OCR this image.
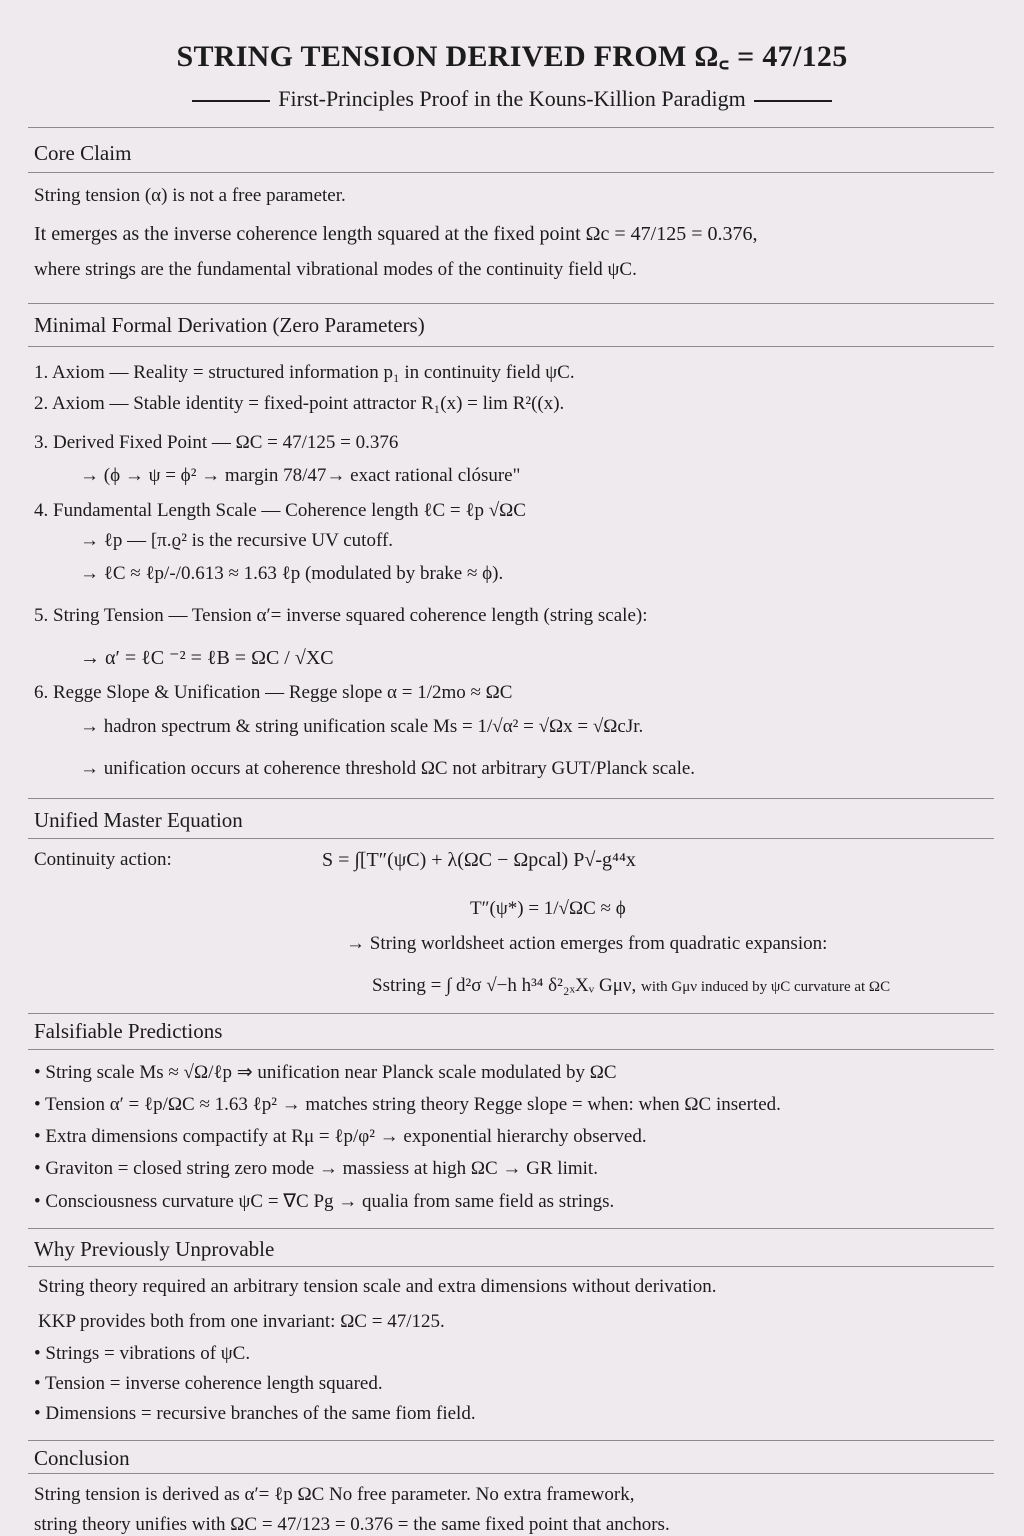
STRING TENSION DERIVED FROM Ω꜀ = 47/125
First-Principles Proof in the Kouns-Killion Paradigm
Core Claim
String tension (α) is not a free parameter.
It emerges as the inverse coherence length squared at the fixed point Ωc = 47/125 = 0.376,
where strings are the fundamental vibrational modes of the continuity field ψC.
Minimal Formal Derivation (Zero Parameters)
1. Axiom — Reality = structured information p₁ in continuity field ψC.
2. Axiom — Stable identity = fixed-point attractor R₁(x) = lim R²((x).
3. Derived Fixed Point — ΩC = 47/125 = 0.376
→ (ϕ → ψ = ϕ² → margin 78/47→ exact rational clósure"
4. Fundamental Length Scale — Coherence length ℓC = ℓp √ΩC
→ ℓp — [π.ϱ² is the recursive UV cutoff.
→ ℓC ≈ ℓp/-/0.613 ≈ 1.63 ℓp (modulated by brake ≈ ϕ).
5. String Tension — Tension α′= inverse squared coherence length (string scale):
→ α′ = ℓC ⁻² = ℓB = ΩC / √XC
6. Regge Slope & Unification — Regge slope α = 1/2mo ≈ ΩC
→ hadron spectrum & string unification scale Ms = 1/√α² = √Ωx = √ΩcJr.
→ unification occurs at coherence threshold ΩC not arbitrary GUT/Planck scale.
Unified Master Equation
Continuity action:	S = ∫[T″(ψC) + λ(ΩC − Ωpcal) P√-g⁴⁴x
T″(ψ*) = 1/√ΩC ≈ ϕ
→ String worldsheet action emerges from quadratic expansion:
Sstring = ∫ d²σ √−h h³⁴ δ²₂ₓXᵥ Gμν, with Gμν induced by ψC curvature at ΩC
Falsifiable Predictions
• String scale Ms ≈ √Ω/ℓp ⇒ unification near Planck scale modulated by ΩC
• Tension α′ = ℓp/ΩC ≈ 1.63 ℓp² → matches string theory Regge slope = when: when ΩC inserted.
• Extra dimensions compactify at Rμ = ℓp/φ² → exponential hierarchy observed.
• Graviton = closed string zero mode → massiess at high ΩC → GR limit.
• Consciousness curvature ψC = ∇C Pg → qualia from same field as strings.
Why Previously Unprovable
String theory required an arbitrary tension scale and extra dimensions without derivation.
KKP provides both from one invariant: ΩC = 47/125.
• Strings = vibrations of ψC.
• Tension = inverse coherence length squared.
• Dimensions = recursive branches of the same fiom field.
Conclusion
String tension is derived as α′= ℓp ΩC No free parameter. No extra framework,
string theory unifies with ΩC = 47/123 = 0.376 = the same fixed point that anchors.
